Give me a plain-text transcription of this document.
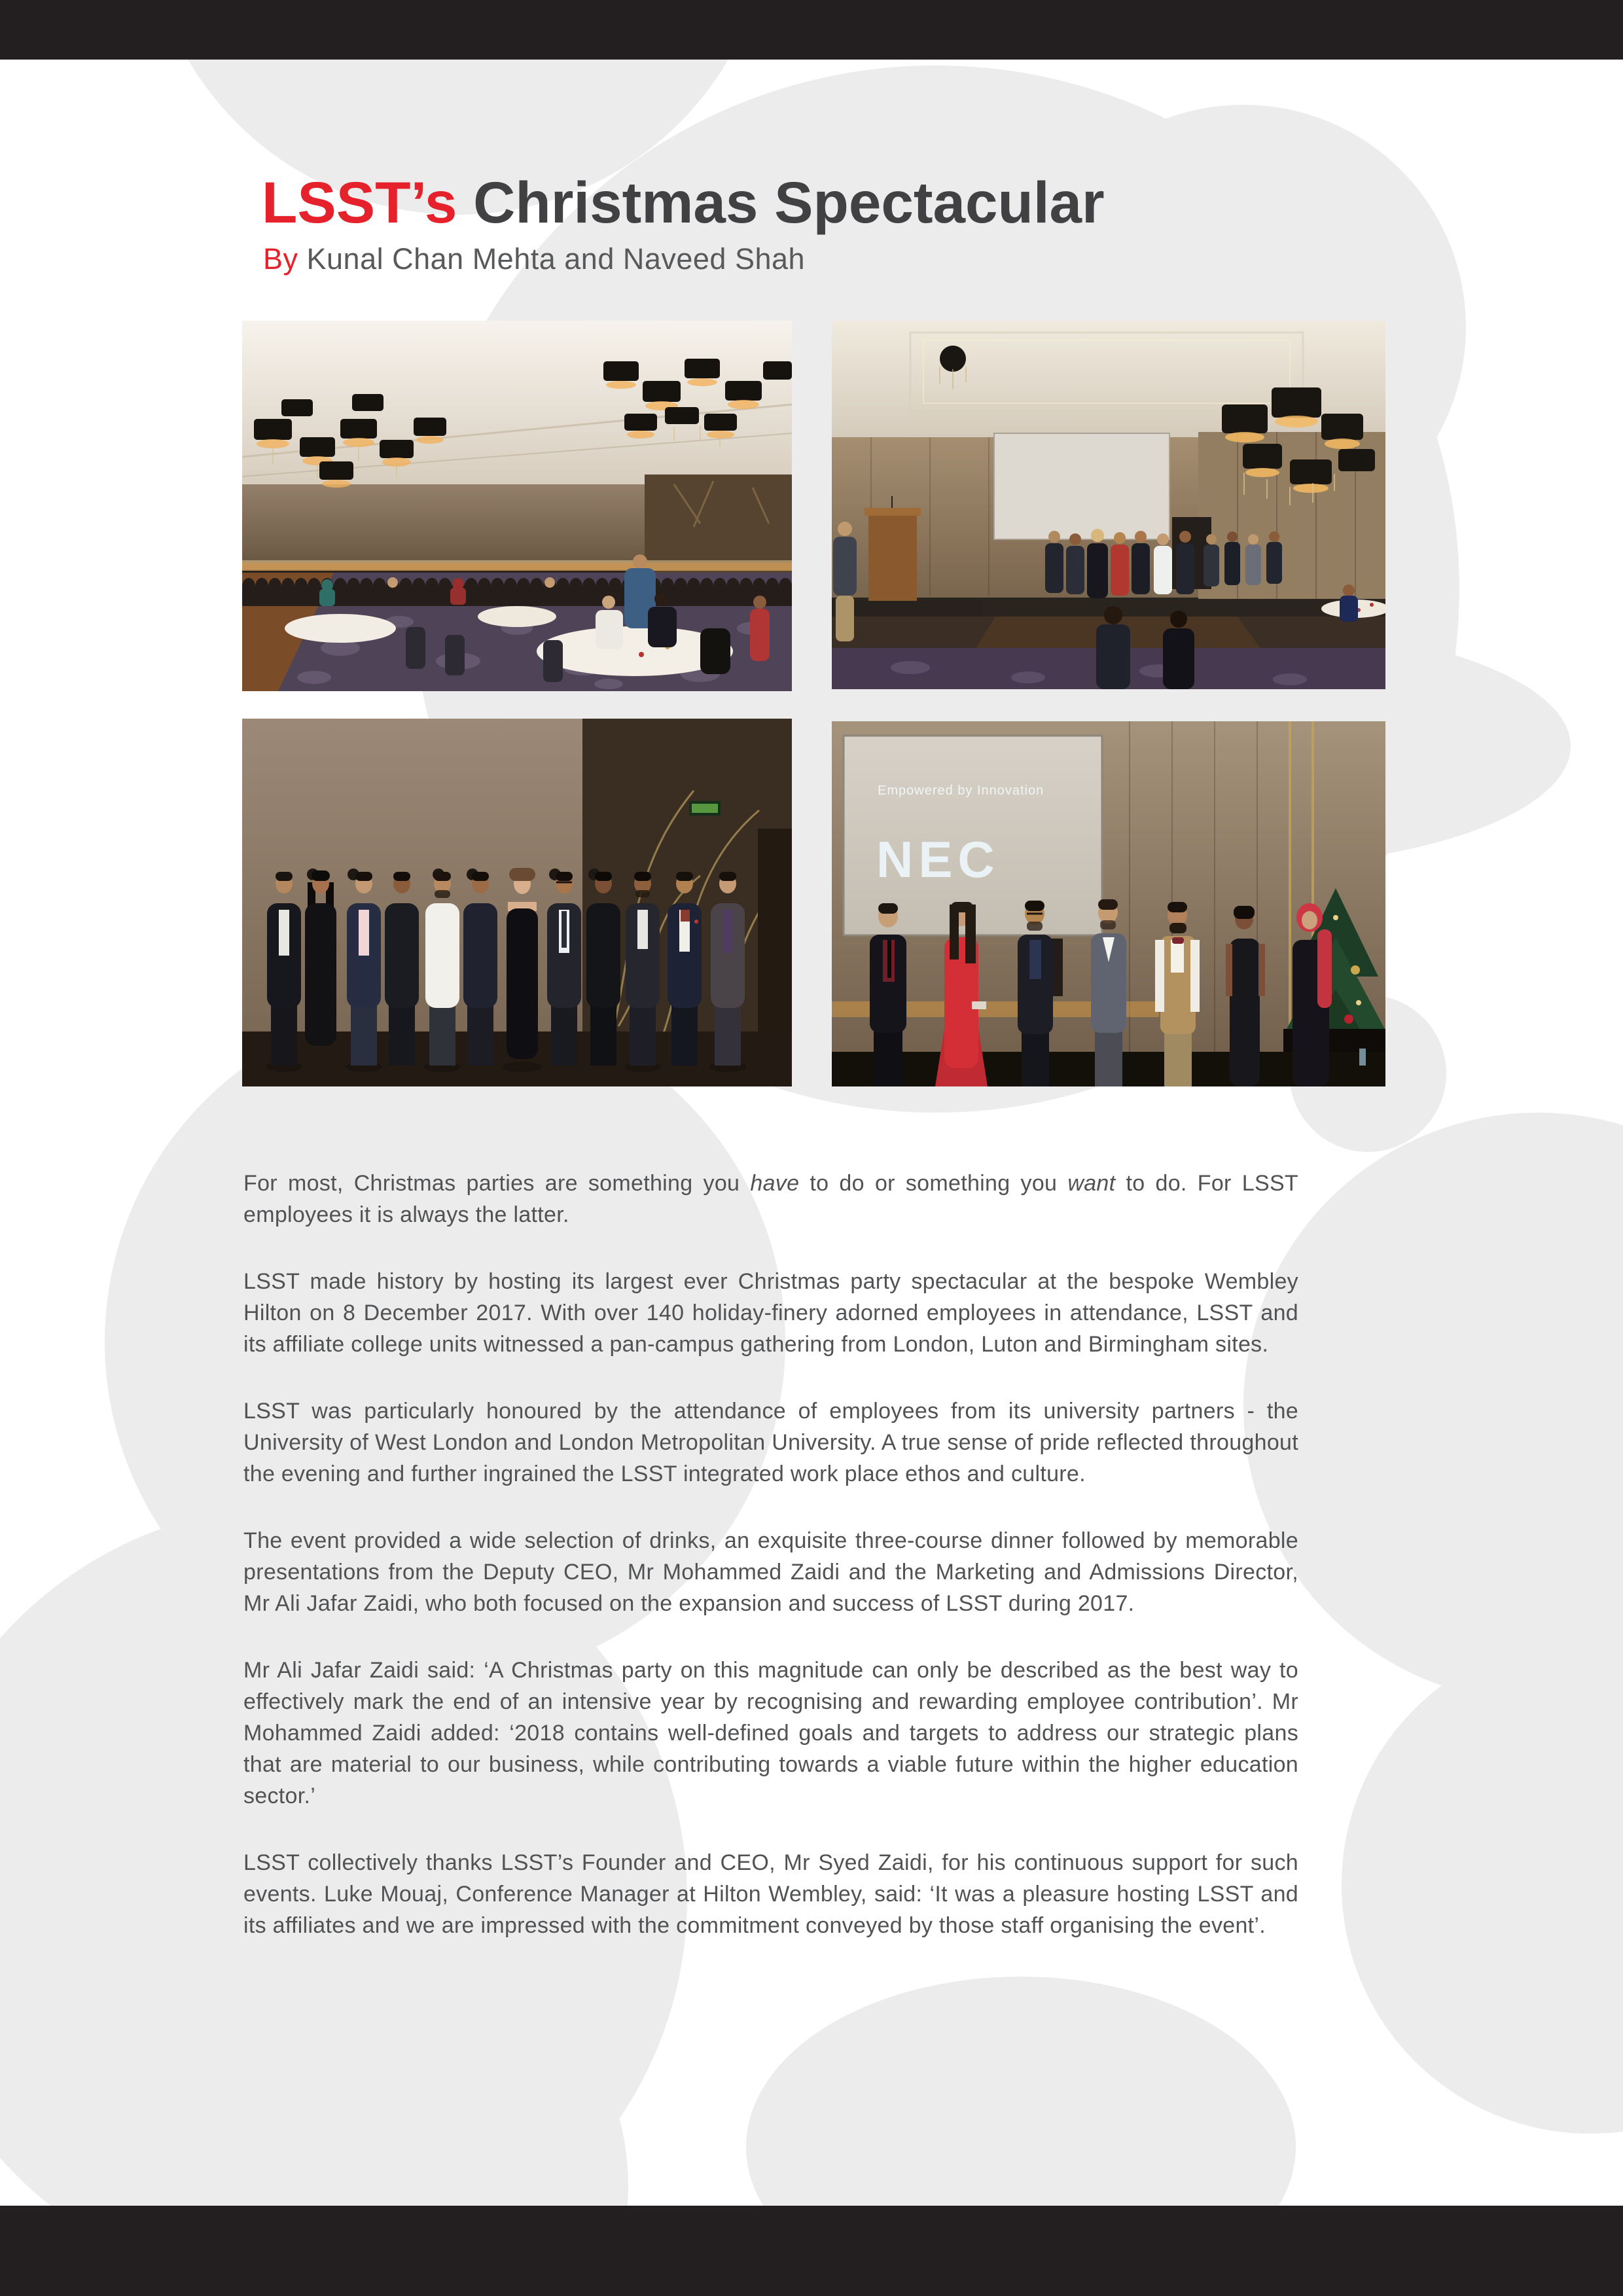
LSST’s Christmas Spectacular

By Kunal Chan Mehta and Naveed Shah

Empowered by Innovation
NEC

For most, Christmas parties are something you have to do or something you want to do. For LSST employees it is always the latter.

LSST made history by hosting its largest ever Christmas party spectacular at the bespoke Wembley Hilton on 8 December 2017. With over 140 holiday-finery adorned employees in attendance, LSST and its affiliate college units witnessed a pan-campus gathering from London, Luton and Birmingham sites.

LSST was particularly honoured by the attendance of employees from its university partners - the University of West London and London Metropolitan University. A true sense of pride reflected throughout the evening and further ingrained the LSST integrated work place ethos and culture.

The event provided a wide selection of drinks, an exquisite three-course dinner followed by memorable presentations from the Deputy CEO, Mr Mohammed Zaidi and the Marketing and Admissions Director, Mr Ali Jafar Zaidi, who both focused on the expansion and success of LSST during 2017.

Mr Ali Jafar Zaidi said: ‘A Christmas party on this magnitude can only be described as the best way to effectively mark the end of an intensive year by recognising and rewarding employee contribution’. Mr Mohammed Zaidi added: ‘2018 contains well-defined goals and targets to address our strategic plans that are material to our business, while contributing towards a viable future within the higher education sector.’

LSST collectively thanks LSST’s Founder and CEO, Mr Syed Zaidi, for his continuous support for such events. Luke Mouaj, Conference Manager at Hilton Wembley, said: ‘It was a pleasure hosting LSST and its affiliates and we are impressed with the commitment conveyed by those staff organising the event’.
